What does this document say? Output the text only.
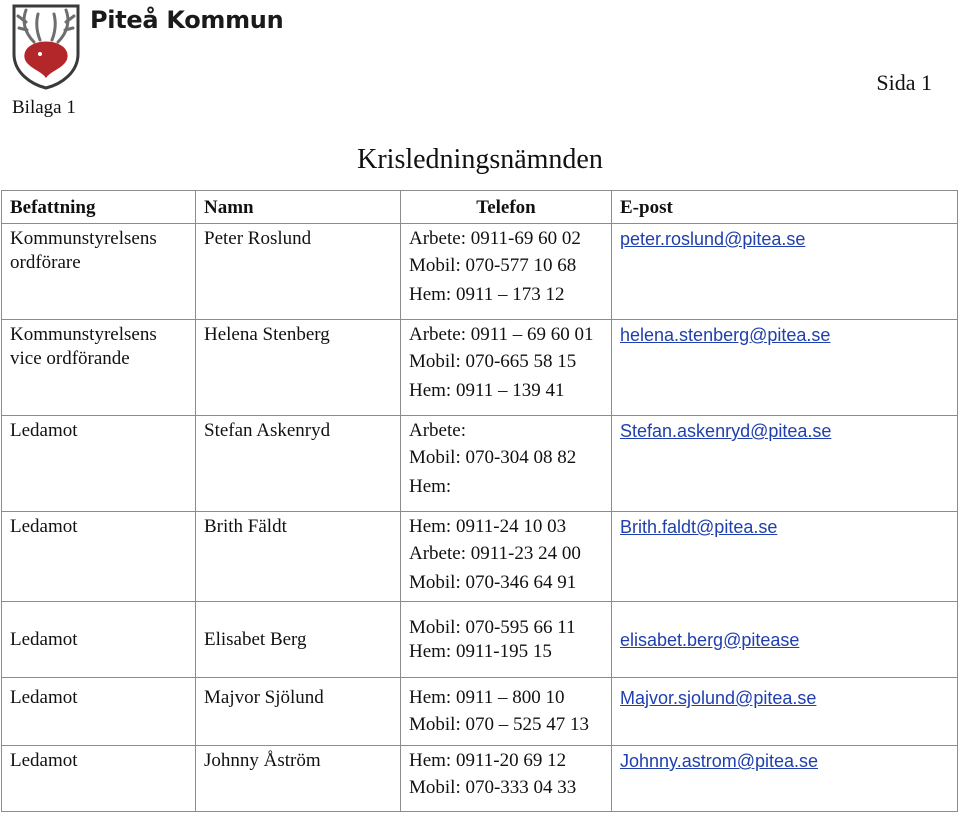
Piteå Kommun
Bilaga 1
Sida 1
Krisledningsnämnden
Befattning	Namn	Telefon	E-post

Kommunstyrelsens
ordförare	Peter Roslund	Arbete: 0911-69 60 02
Mobil: 070-577 10 68
Hem: 0911 – 173 12	peter.roslund@pitea.se

Kommunstyrelsens
vice ordförande	Helena Stenberg	Arbete: 0911 – 69 60 01
Mobil: 070-665 58 15
Hem: 0911 – 139 41	helena.stenberg@pitea.se

Ledamot	Stefan Askenryd	Arbete:
Mobil: 070-304 08 82
Hem:	Stefan.askenryd@pitea.se

Ledamot	Brith Fäldt	Hem: 0911-24 10 03
Arbete: 0911-23 24 00
Mobil: 070-346 64 91	Brith.faldt@pitea.se

Ledamot	Elisabet Berg	Mobil: 070-595 66 11
Hem: 0911-195 15	elisabet.berg@pitease

Ledamot	Majvor Sjölund	Hem: 0911 – 800 10
Mobil: 070 – 525 47 13	Majvor.sjolund@pitea.se

Ledamot	Johnny Åström	Hem: 0911-20 69 12
Mobil: 070-333 04 33	Johnny.astrom@pitea.se
